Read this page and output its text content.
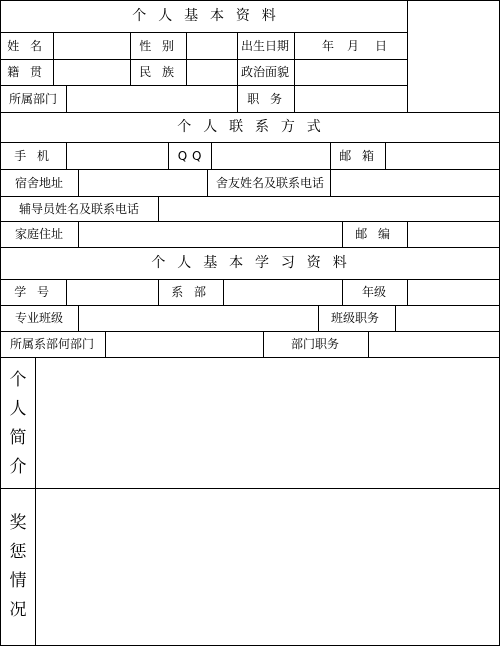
个人基本资料
个人联系方式
个人基本学习资料
姓名	性别	出生日期	年 月 日
籍贯	民族	政治面貌
所属部门	职务
手机	QQ	邮箱
宿舍地址	舍友姓名及联系电话
辅导员姓名及联系电话
家庭住址	邮编
学号	系部	年级
专业班级	班级职务
所属系部何部门	部门职务
个
人
简
介
奖
惩
情
况
